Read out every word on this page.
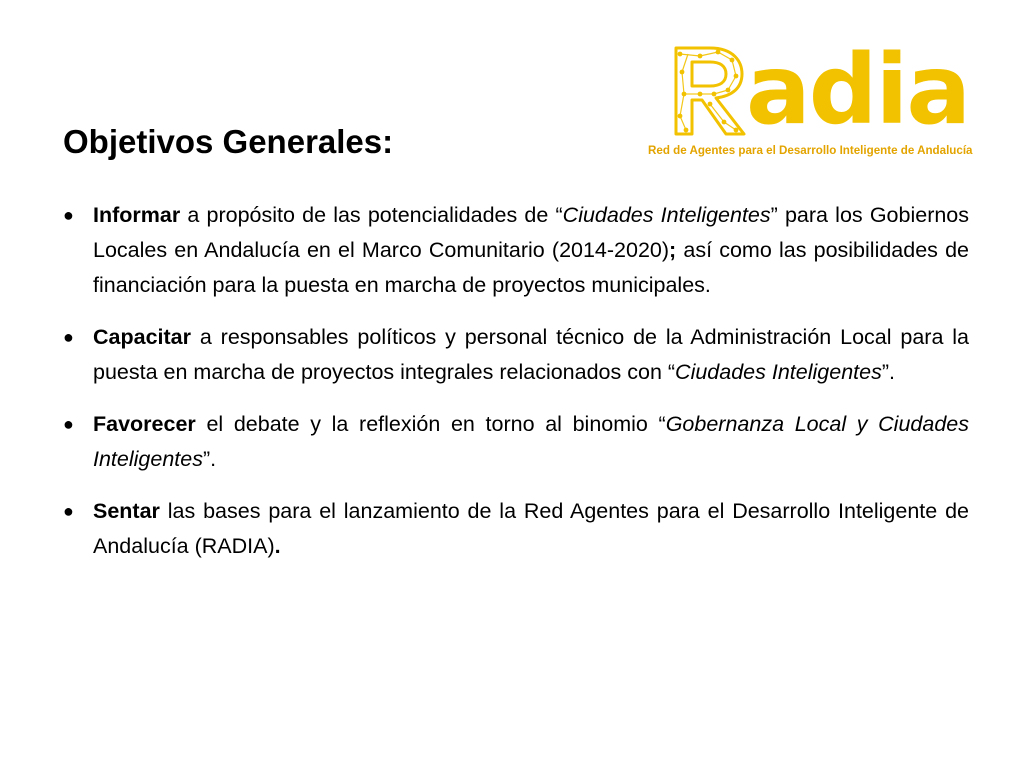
adia
Red de Agentes para el Desarrollo Inteligente de Andalucía
Objetivos Generales:
● Informar a propósito de las potencialidades de “Ciudades Inteligentes” para los Gobiernos Locales en Andalucía en el Marco Comunitario (2014-2020); así como las posibilidades de financiación para la puesta en marcha de proyectos municipales.
● Capacitar a responsables políticos y personal técnico de la Administración Local para la puesta en marcha de proyectos integrales relacionados con “Ciudades Inteligentes”.
● Favorecer el debate y la reflexión en torno al binomio “Gobernanza Local y Ciudades Inteligentes”.
● Sentar las bases para el lanzamiento de la Red Agentes para el Desarrollo Inteligente de Andalucía (RADIA).
